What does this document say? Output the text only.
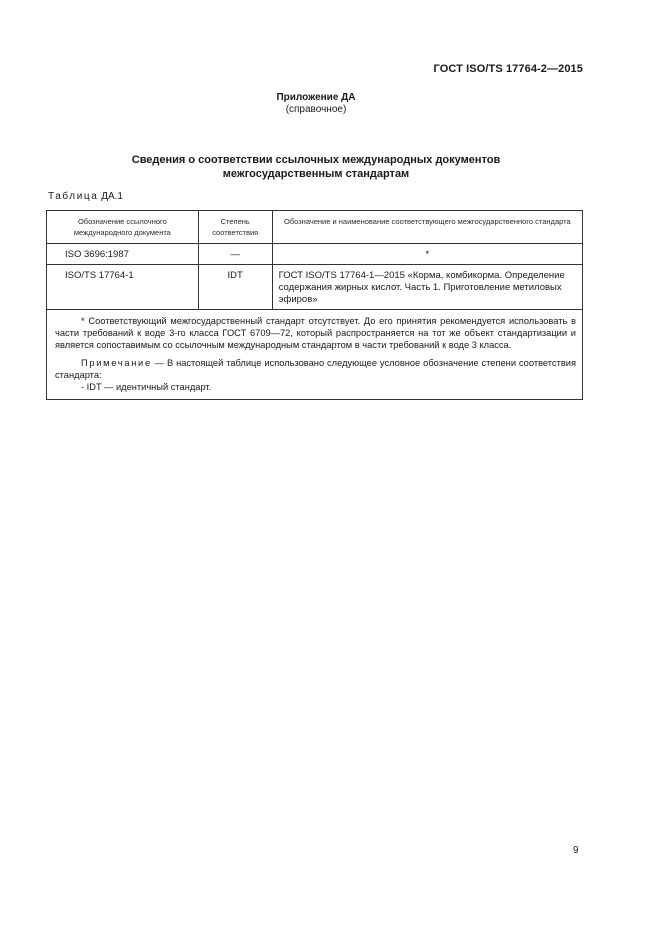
ГОСТ ISO/TS 17764-2—2015
Приложение ДА
(справочное)
Сведения о соответствии ссылочных международных документов
межгосударственным стандартам
Таблица ДА.1
Обозначение ссылочного международного документа	Степень соответствия	Обозначение и наименование соответствующего межгосударственного стандарта
ISO 3696:1987	—	*
ISO/TS 17764-1	IDT	ГОСТ ISO/TS 17764-1—2015 «Корма, комбикорма. Определение содержания жирных кислот. Часть 1. Приготовление метиловых эфиров»

* Соответствующий межгосударственный стандарт отсутствует. До его принятия рекомендуется использовать в части требований к воде 3-го класса ГОСТ 6709—72, который распространяется на тот же объект стандартизации и является сопоставимым со ссылочным международным стандартом в части требований к воде 3 класса.

Примечание — В настоящей таблице использовано следующее условное обозначение степени соответствия стандарта:

- IDT — идентичный стандарт.		

9
